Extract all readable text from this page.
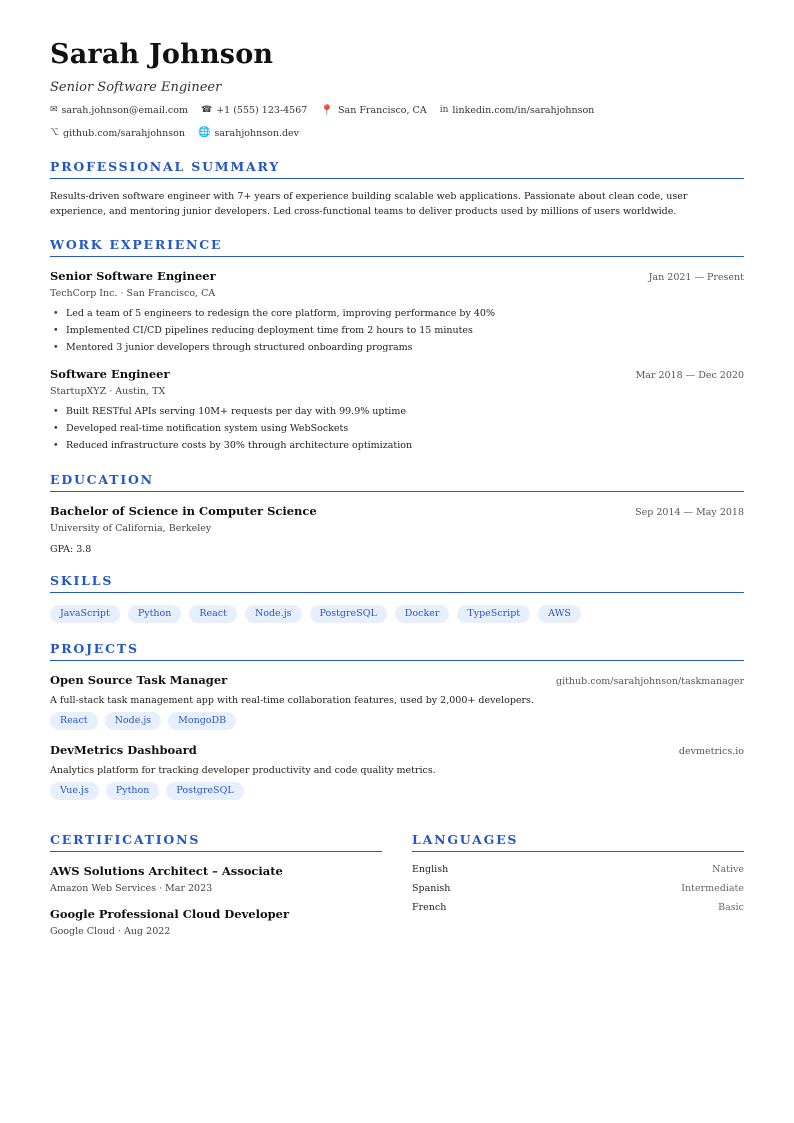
Sarah Johnson
Senior Software Engineer
✉ sarah.johnson@email.com ☎ +1 (555) 123-4567 📍 San Francisco, CA in linkedin.com/in/sarahjohnson
⌥ github.com/sarahjohnson 🌐 sarahjohnson.dev
PROFESSIONAL SUMMARY

Results-driven software engineer with 7+ years of experience building scalable web applications. Passionate about clean code, user experience, and mentoring junior developers. Led cross-functional teams to deliver products used by millions of users worldwide.

WORK EXPERIENCE
Senior Software Engineer	Jan 2021 — Present
TechCorp Inc. · San Francisco, CA
• Led a team of 5 engineers to redesign the core platform, improving performance by 40%
• Implemented CI/CD pipelines reducing deployment time from 2 hours to 15 minutes
• Mentored 3 junior developers through structured onboarding programs
Software Engineer	Mar 2018 — Dec 2020
StartupXYZ · Austin, TX
• Built RESTful APIs serving 10M+ requests per day with 99.9% uptime
• Developed real-time notification system using WebSockets
• Reduced infrastructure costs by 30% through architecture optimization
EDUCATION
Bachelor of Science in Computer Science	Sep 2014 — May 2018
University of California, Berkeley
GPA: 3.8
SKILLS
JavaScript	Python	React	Node.js	PostgreSQL	Docker	TypeScript	AWS
PROJECTS
Open Source Task Manager	github.com/sarahjohnson/taskmanager
A full-stack task management app with real-time collaboration features, used by 2,000+ developers.
React	Node.js	MongoDB
DevMetrics Dashboard	devmetrics.io
Analytics platform for tracking developer productivity and code quality metrics.
Vue.js	Python	PostgreSQL
CERTIFICATIONS
AWS Solutions Architect – Associate
Amazon Web Services · Mar 2023
Google Professional Cloud Developer
Google Cloud · Aug 2022
LANGUAGES
English	Native
Spanish	Intermediate
French	Basic
